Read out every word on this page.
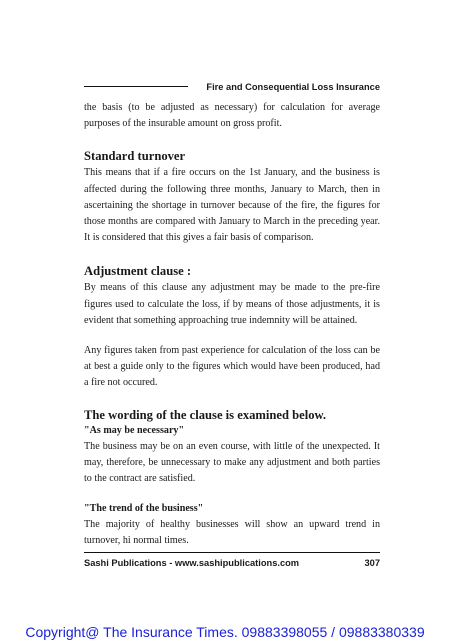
Fire and Consequential Loss Insurance

the basis (to be adjusted as necessary) for calculation for average purposes of the insurable amount on gross profit.

Standard turnover

This means that if a fire occurs on the 1st January, and the business is affected during the following three months, January to March, then in ascertaining the shortage in turnover because of the fire, the figures for those months are compared with January to March in the preceding year. It is considered that this gives a fair basis of comparison.

Adjustment clause :

By means of this clause any adjustment may be made to the pre-fire figures used to calculate the loss, if by means of those adjustments, it is evident that something approaching true indemnity will be attained.

Any figures taken from past experience for calculation of the loss can be at best a guide only to the figures which would have been produced, had a fire not occured.

The wording of the clause is examined below.
"As may be necessary"

The business may be on an even course, with little of the unexpected. It may, therefore, be unnecessary to make any adjustment and both parties to the contract are satisfied.

"The trend of the business"

The majority of healthy businesses will show an upward trend in turnover, hi normal times.

Sashi Publications - www.sashipublications.com	307
Copyright@ The Insurance Times. 09883398055 / 09883380339
